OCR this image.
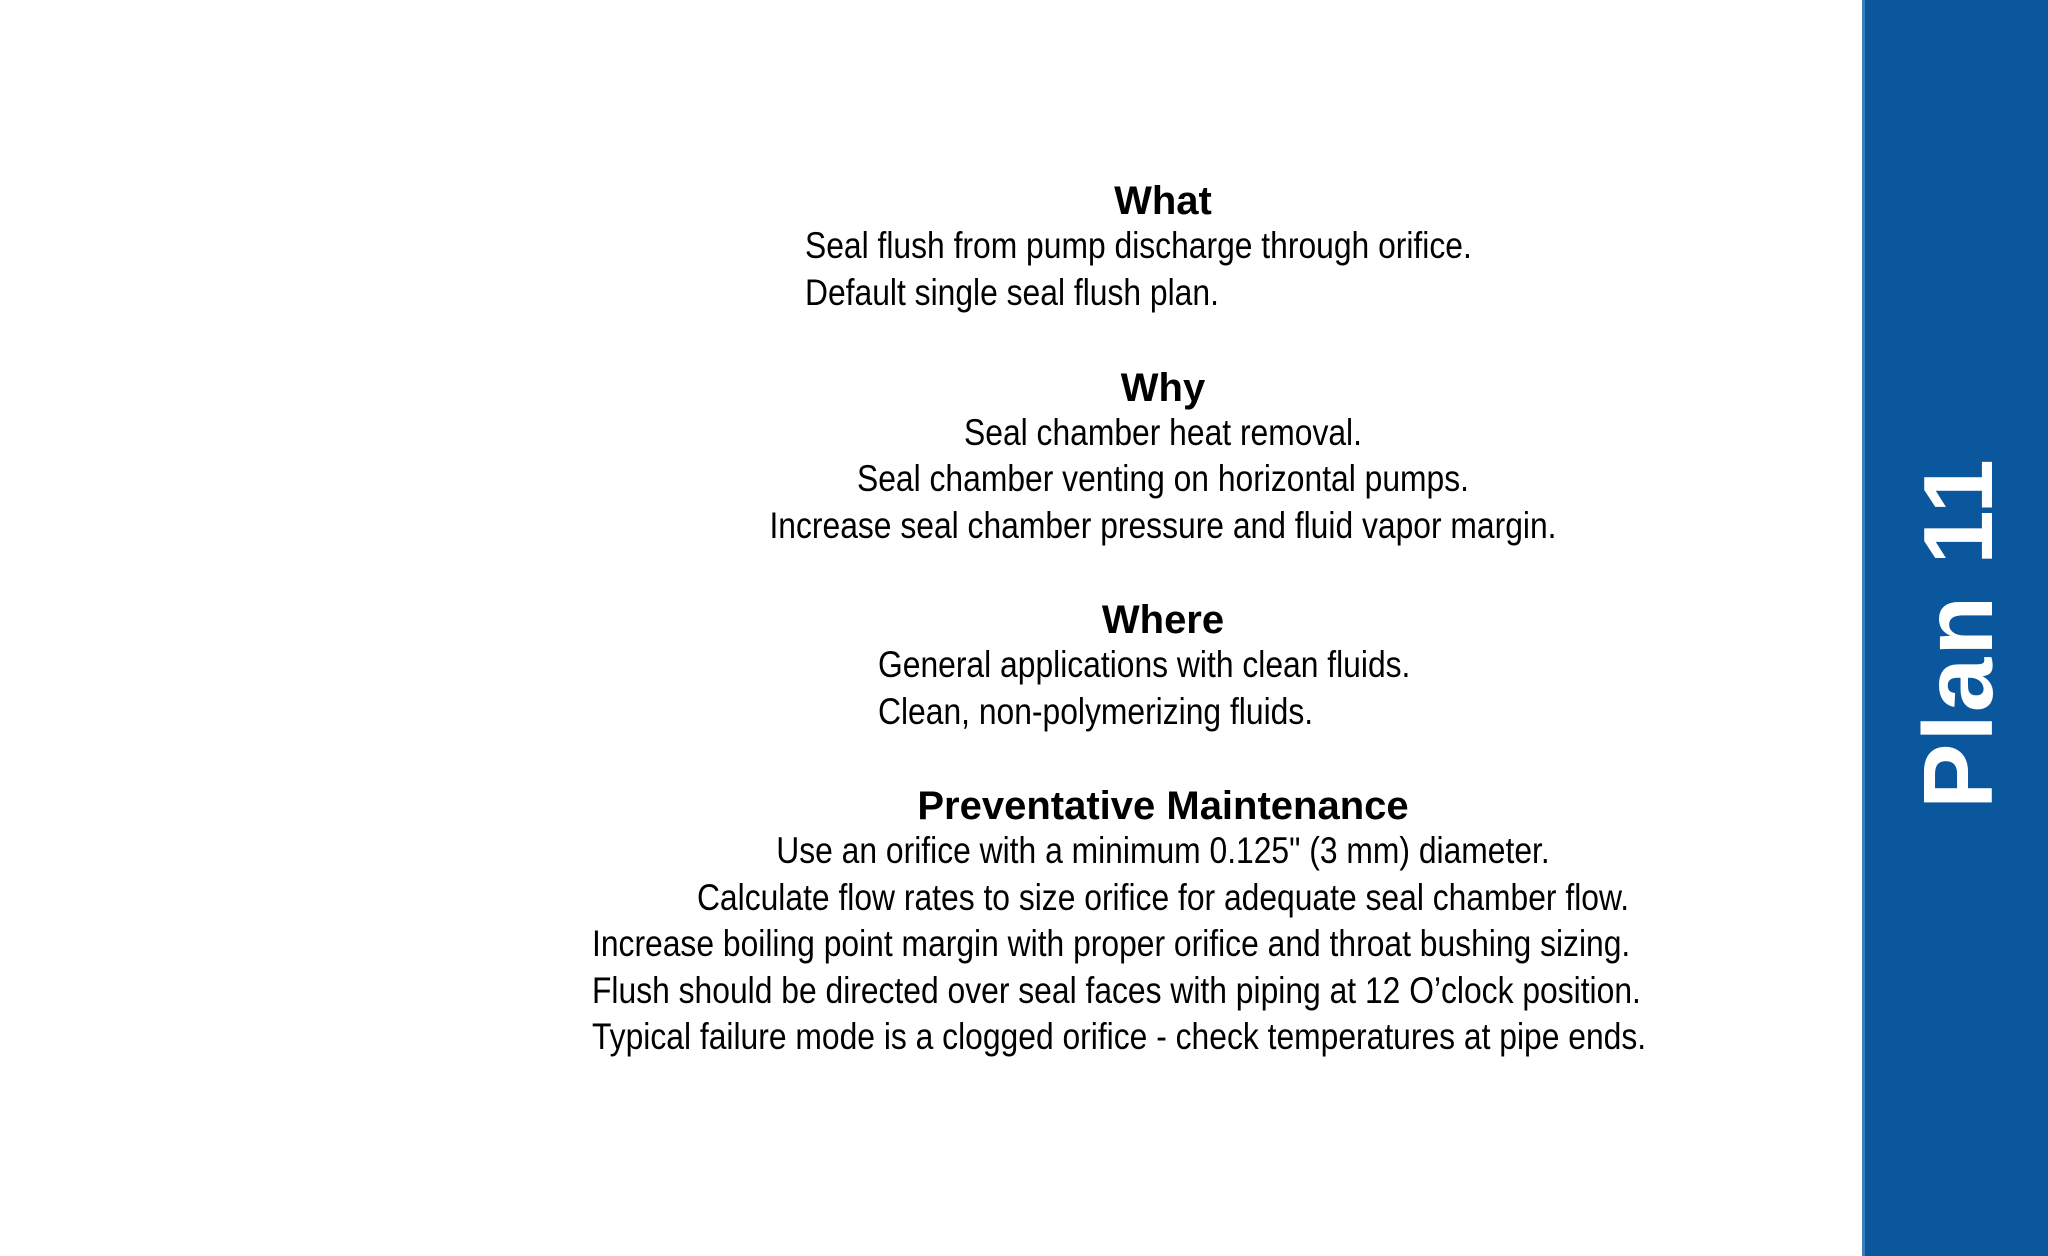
What
Seal flush from pump discharge through orifice.
Default single seal flush plan.
Why
Seal chamber heat removal.
Seal chamber venting on horizontal pumps.
Increase seal chamber pressure and fluid vapor margin.
Where
General applications with clean fluids.
Clean, non-polymerizing fluids.
Preventative Maintenance
Use an orifice with a minimum 0.125" (3 mm) diameter.
Calculate flow rates to size orifice for adequate seal chamber flow.
Increase boiling point margin with proper orifice and throat bushing sizing.
Flush should be directed over seal faces with piping at 12 O’clock position.
Typical failure mode is a clogged orifice - check temperatures at pipe ends.
Plan 11
